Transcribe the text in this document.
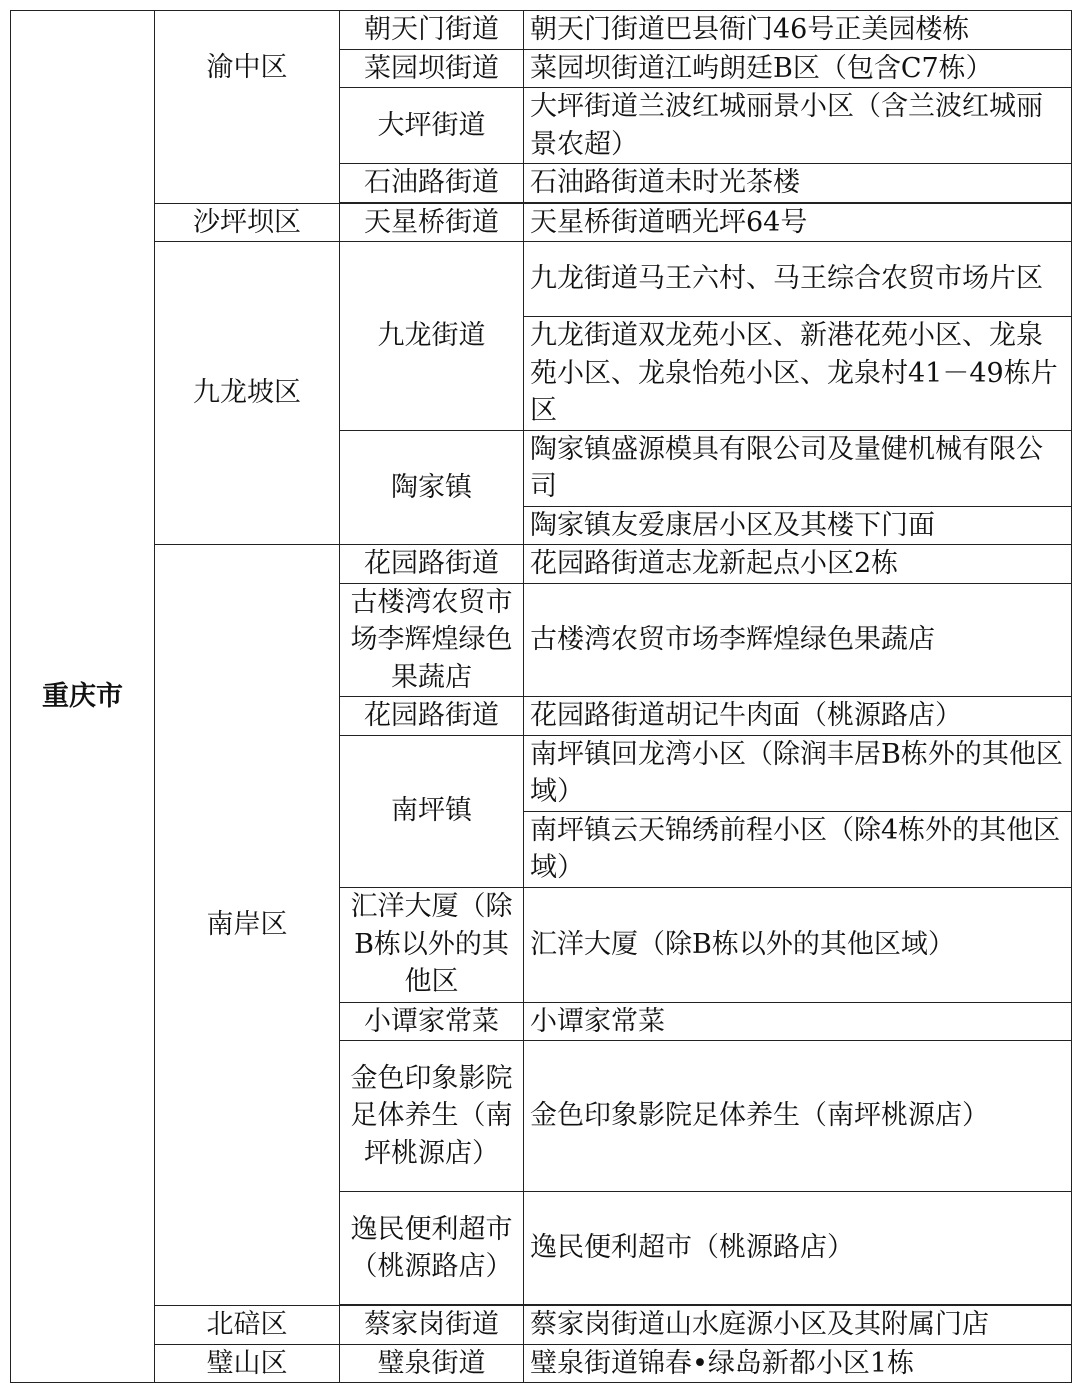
重庆市	渝中区	朝天门街道	朝天门街道巴县衙门46号正美园楼栋
		菜园坝街道	菜园坝街道江屿朗廷B区（包含C7栋）
		大坪街道	大坪街道兰波红城丽景小区（含兰波红城丽景农超）
		石油路街道	石油路街道未时光茶楼

	沙坪坝区	天星桥街道	天星桥街道晒光坪64号
	九龙坡区	九龙街道	九龙街道马王六村、马王综合农贸市场片区
			九龙街道双龙苑小区、新港花苑小区、龙泉苑小区、龙泉怡苑小区、龙泉村41－49栋片区
		陶家镇	陶家镇盛源模具有限公司及量健机械有限公司
			陶家镇友爱康居小区及其楼下门面
	南岸区	花园路街道	花园路街道志龙新起点小区2栋
		古楼湾农贸市场李辉煌绿色果蔬店	古楼湾农贸市场李辉煌绿色果蔬店
		花园路街道	花园路街道胡记牛肉面（桃源路店）
		南坪镇	南坪镇回龙湾小区（除润丰居B栋外的其他区域）
			南坪镇云天锦绣前程小区（除4栋外的其他区域）
		汇洋大厦（除B栋以外的其他区	汇洋大厦（除B栋以外的其他区域）
		小谭家常菜	小谭家常菜
		金色印象影院足体养生（南坪桃源店）	金色印象影院足体养生（南坪桃源店）
		逸民便利超市（桃源路店）	逸民便利超市（桃源路店）

	北碚区	蔡家岗街道	蔡家岗街道山水庭源小区及其附属门店
	璧山区	璧泉街道	璧泉街道锦春•绿岛新都小区1栋
